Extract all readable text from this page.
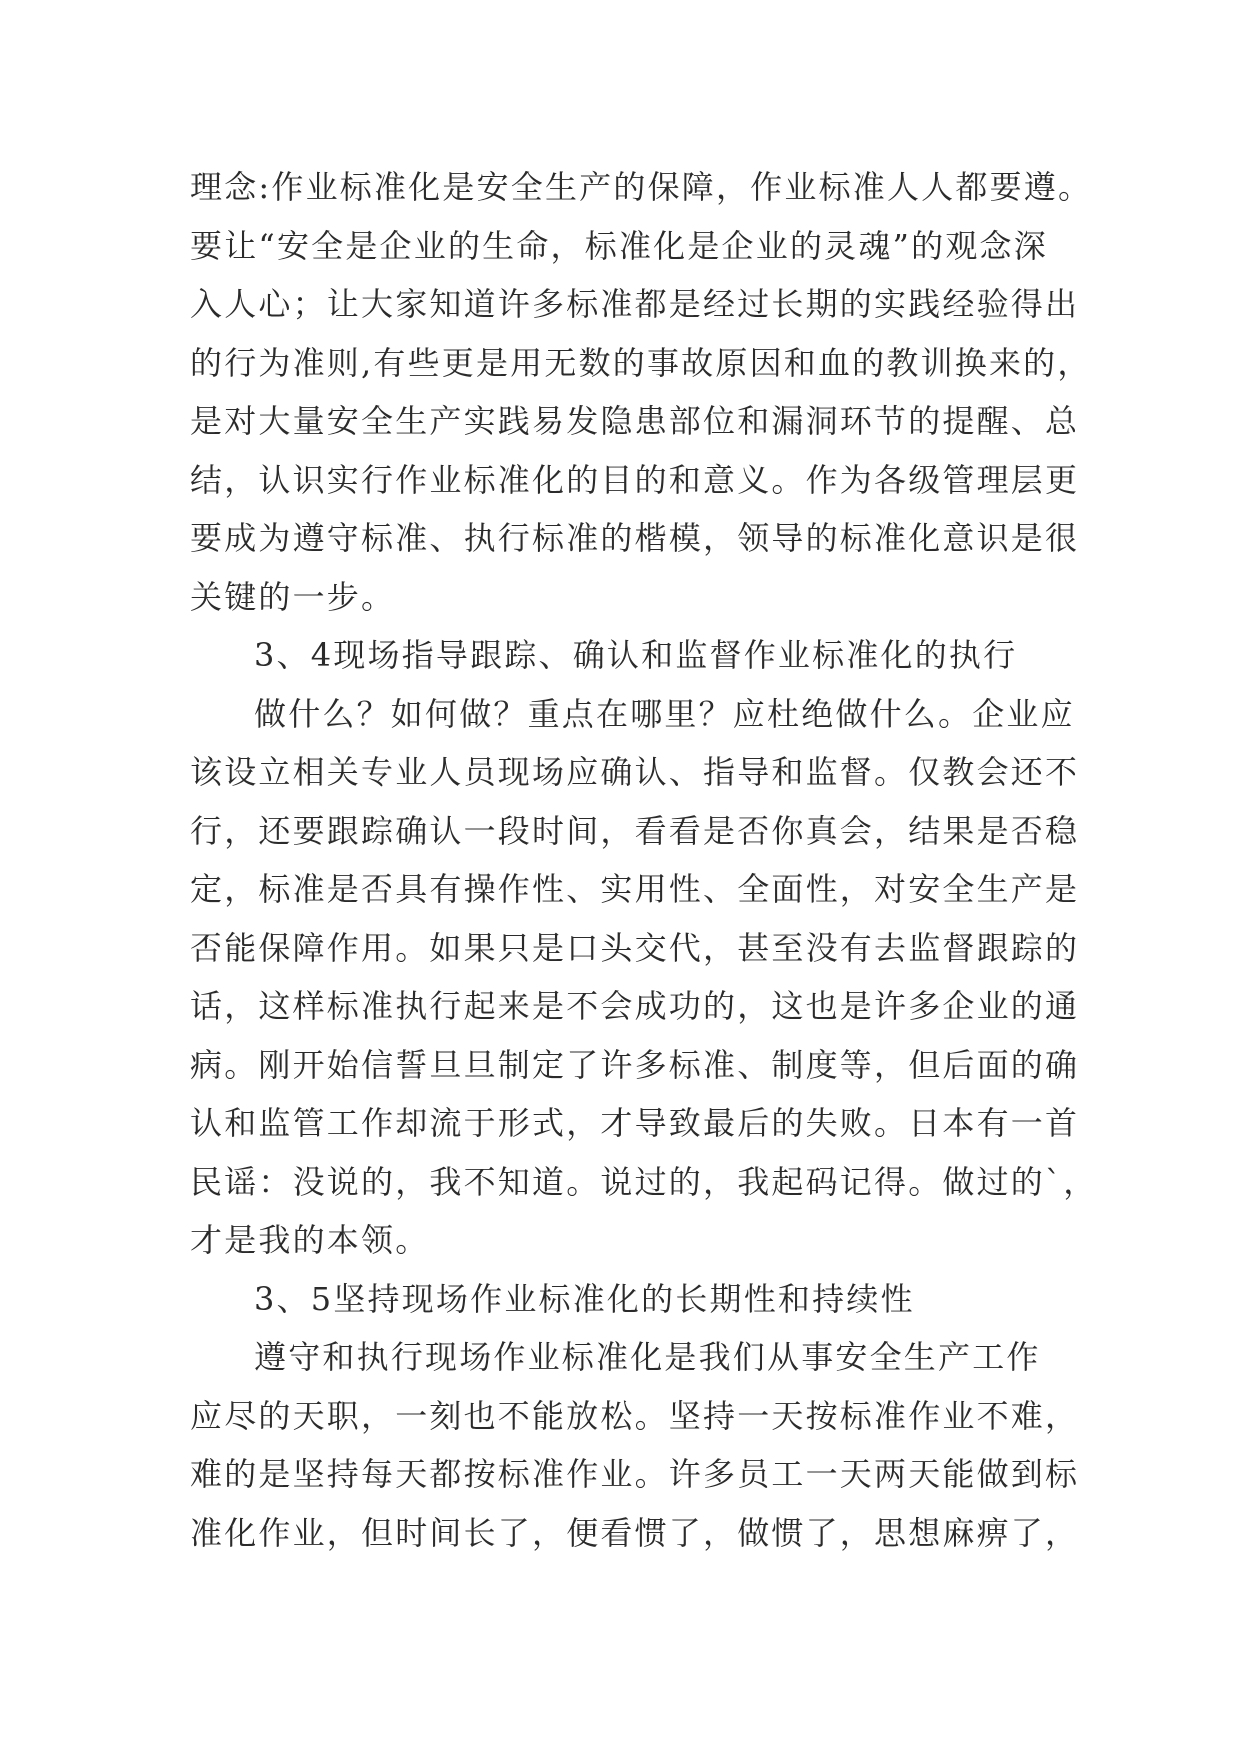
理念:作业标准化是安全生产的保障，作业标准人人都要遵。
要让“安全是企业的生命，标准化是企业的灵魂”的观念深
入人心；让大家知道许多标准都是经过长期的实践经验得出
的行为准则,有些更是用无数的事故原因和血的教训换来的，
是对大量安全生产实践易发隐患部位和漏洞环节的提醒、总
结，认识实行作业标准化的目的和意义。作为各级管理层更
要成为遵守标准、执行标准的楷模，领导的标准化意识是很
关键的一步。
3、4现场指导跟踪、确认和监督作业标准化的执行
做什么？如何做？重点在哪里？应杜绝做什么。企业应
该设立相关专业人员现场应确认、指导和监督。仅教会还不
行，还要跟踪确认一段时间，看看是否你真会，结果是否稳
定，标准是否具有操作性、实用性、全面性，对安全生产是
否能保障作用。如果只是口头交代，甚至没有去监督跟踪的
话，这样标准执行起来是不会成功的，这也是许多企业的通
病。刚开始信誓旦旦制定了许多标准、制度等，但后面的确
认和监管工作却流于形式，才导致最后的失败。日本有一首
民谣：没说的，我不知道。说过的，我起码记得。做过的`，
才是我的本领。
3、5坚持现场作业标准化的长期性和持续性
遵守和执行现场作业标准化是我们从事安全生产工作
应尽的天职，一刻也不能放松。坚持一天按标准作业不难，
难的是坚持每天都按标准作业。许多员工一天两天能做到标
准化作业，但时间长了，便看惯了，做惯了，思想麻痹了，
